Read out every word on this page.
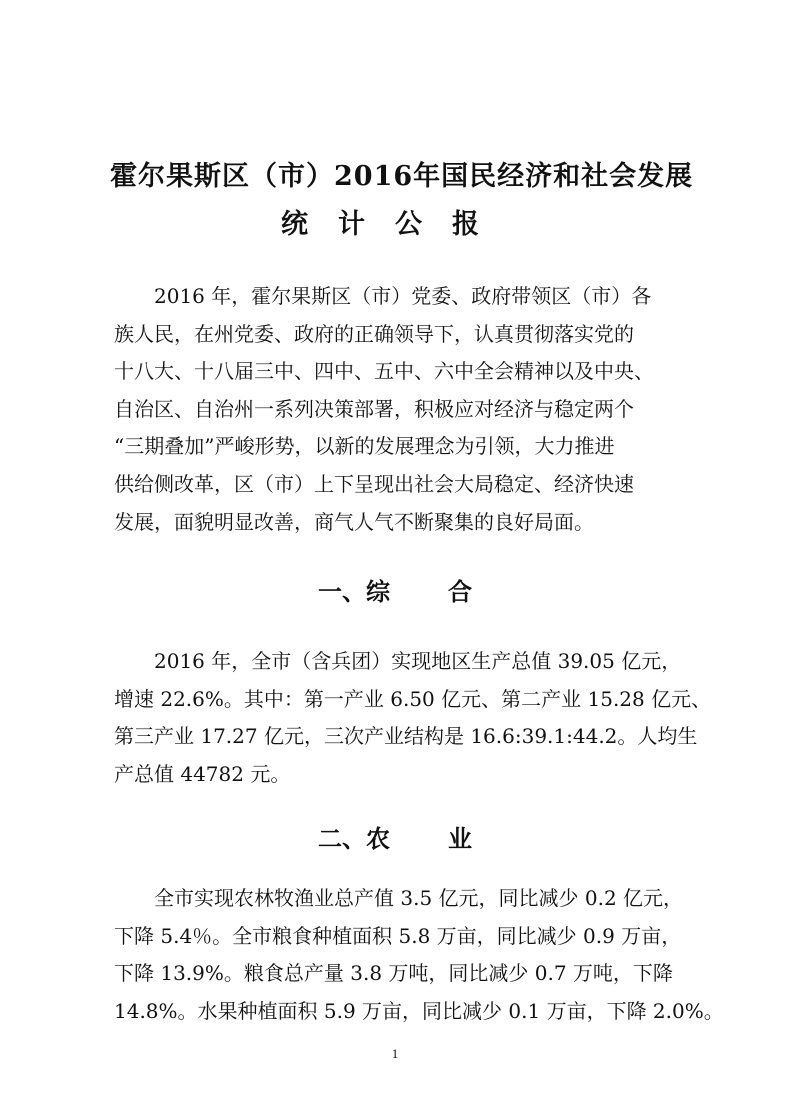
霍尔果斯区（市）2016年国民经济和社会发展
统计公报
2016 年，霍尔果斯区（市）党委、政府带领区（市）各
族人民，在州党委、政府的正确领导下，认真贯彻落实党的
十八大、十八届三中、四中、五中、六中全会精神以及中央、
自治区、自治州一系列决策部署，积极应对经济与稳定两个
“三期叠加”严峻形势，以新的发展理念为引领，大力推进
供给侧改革，区（市）上下呈现出社会大局稳定、经济快速
发展，面貌明显改善，商气人气不断聚集的良好局面。
一、综 合
2016 年，全市（含兵团）实现地区生产总值 39.05 亿元，
增速 22.6%。其中：第一产业 6.50 亿元、第二产业 15.28 亿元、
第三产业 17.27 亿元，三次产业结构是 16.6:39.1:44.2。人均生
产总值 44782 元。
二、农 业
全市实现农林牧渔业总产值 3.5 亿元，同比减少 0.2 亿元，
下降 5.4％。全市粮食种植面积 5.8 万亩，同比减少 0.9 万亩，
下降 13.9%。粮食总产量 3.8 万吨，同比减少 0.7 万吨，下降
14.8%。水果种植面积 5.9 万亩，同比减少 0.1 万亩，下降 2.0%。
1
